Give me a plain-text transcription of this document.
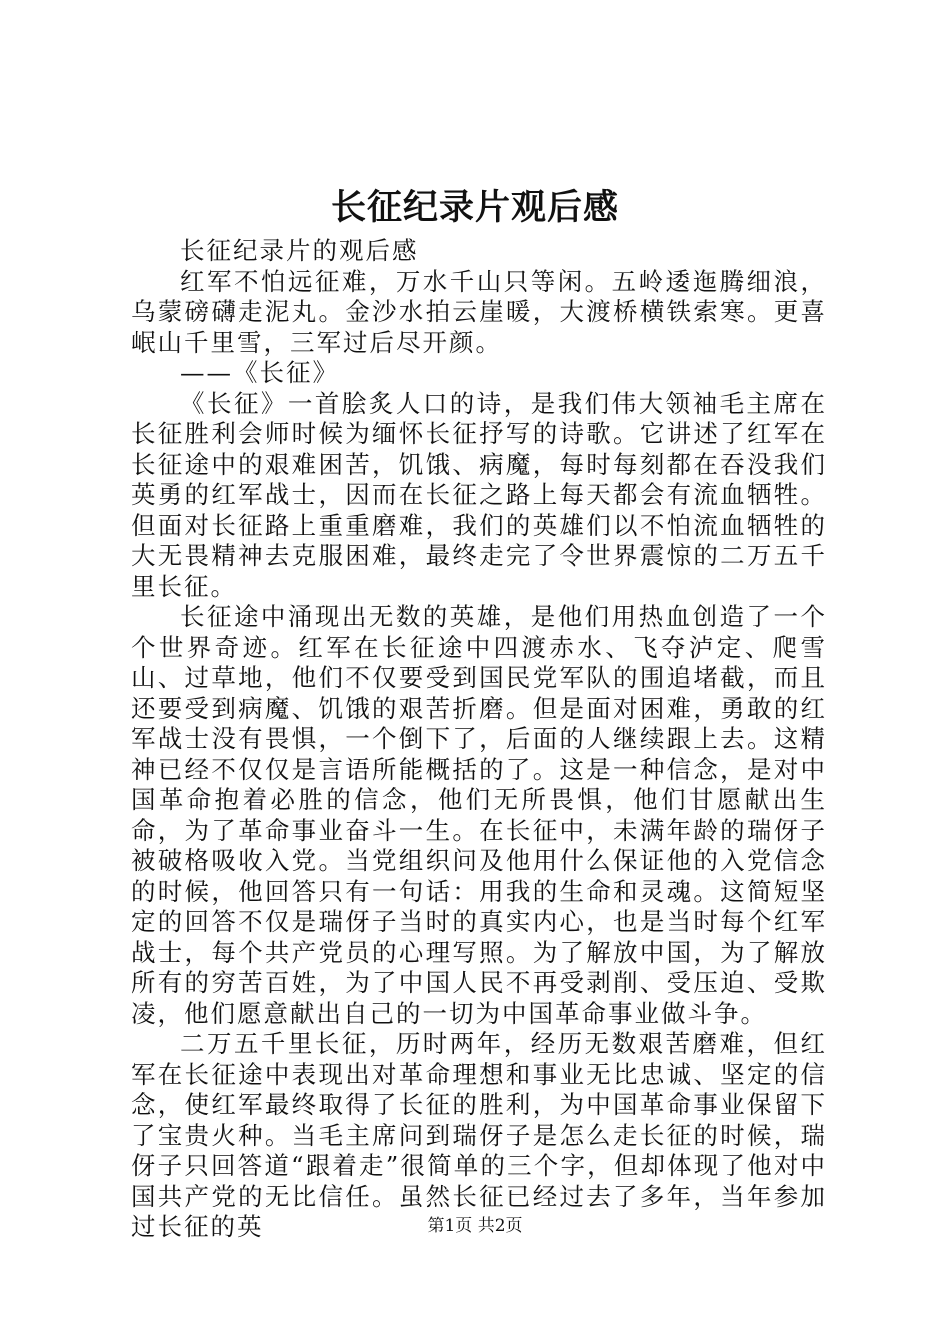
长征纪录片观后感

长征纪录片的观后感

红军不怕远征难，万水千山只等闲。五岭逶迤腾细浪，乌蒙磅礴走泥丸。金沙水拍云崖暖，大渡桥横铁索寒。更喜岷山千里雪，三军过后尽开颜。

——《长征》

《长征》一首脍炙人口的诗，是我们伟大领袖毛主席在长征胜利会师时候为缅怀长征抒写的诗歌。它讲述了红军在长征途中的艰难困苦，饥饿、病魔，每时每刻都在吞没我们英勇的红军战士，因而在长征之路上每天都会有流血牺牲。但面对长征路上重重磨难，我们的英雄们以不怕流血牺牲的大无畏精神去克服困难，最终走完了令世界震惊的二万五千里长征。

长征途中涌现出无数的英雄，是他们用热血创造了一个个世界奇迹。红军在长征途中四渡赤水、飞夺泸定、爬雪山、过草地，他们不仅要受到国民党军队的围追堵截，而且还要受到病魔、饥饿的艰苦折磨。但是面对困难，勇敢的红军战士没有畏惧，一个倒下了，后面的人继续跟上去。这精神已经不仅仅是言语所能概括的了。这是一种信念，是对中国革命抱着必胜的信念，他们无所畏惧，他们甘愿献出生命，为了革命事业奋斗一生。在长征中，未满年龄的瑞伢子被破格吸收入党。当党组织问及他用什么保证他的入党信念的时候，他回答只有一句话：用我的生命和灵魂。这简短坚定的回答不仅是瑞伢子当时的真实内心，也是当时每个红军战士，每个共产党员的心理写照。为了解放中国，为了解放所有的穷苦百姓，为了中国人民不再受剥削、受压迫、受欺凌，他们愿意献出自己的一切为中国革命事业做斗争。

二万五千里长征，历时两年，经历无数艰苦磨难，但红军在长征途中表现出对革命理想和事业无比忠诚、坚定的信念，使红军最终取得了长征的胜利，为中国革命事业保留下了宝贵火种。当毛主席问到瑞伢子是怎么走长征的时候，瑞伢子只回答道“跟着走”很简单的三个字，但却体现了他对中国共产党的无比信任。虽然长征已经过去了多年，当年参加过长征的英	第1页 共2页
